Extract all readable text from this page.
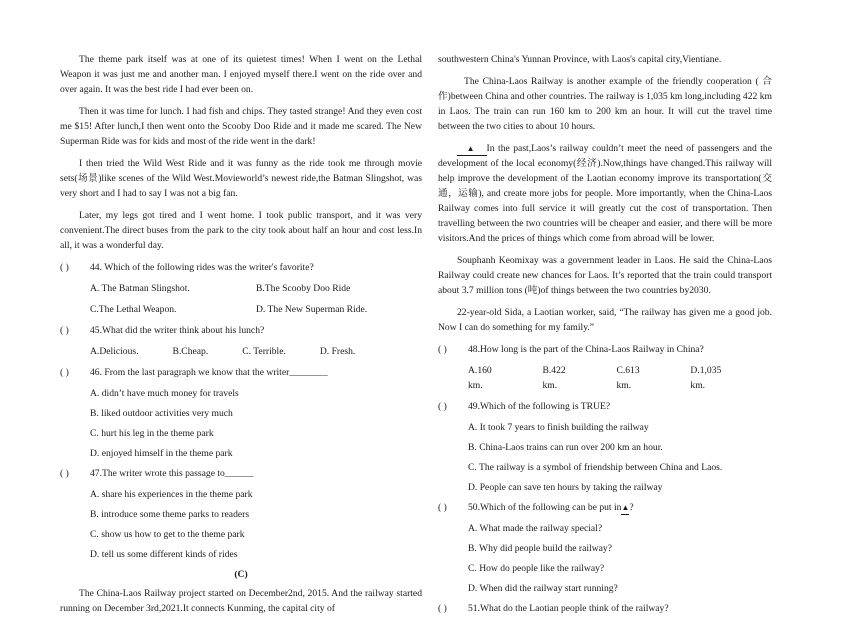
The theme park itself was at one of its quietest times! When I went on the Lethal Weapon it was just me and another man. I enjoyed myself there.I went on the ride over and over again. It was the best ride I had ever been on.

Then it was time for lunch. I had fish and chips. They tasted strange! And they even cost me $15! After lunch,I then went onto the Scooby Doo Ride and it made me scared. The New Superman Ride was for kids and most of the ride went in the dark!

I then tried the Wild West Ride and it was funny as the ride took me through movie sets(场景)like scenes of the Wild West.Movieworld’s newest ride,the Batman Slingshot, was very short and I had to say I was not a big fan.

Later, my legs got tired and I went home. I took public transport, and it was very convenient.The direct buses from the park to the city took about half an hour and cost less.In all, it was a wonderful day.

( ) 44. Which of the following rides was the writer's favorite?
A. The Batman Slingshot.	B.The Scooby Doo Ride
C.The Lethal Weapon.	D. The New Superman Ride.
( ) 45.What did the writer think about his lunch?
A.Delicious.	B.Cheap.	C. Terrible.	D. Fresh.
( ) 46. From the last paragraph we know that the writer________
A. didn’t have much money for travels
B. liked outdoor activities very much
C. hurt his leg in the theme park
D. enjoyed himself in the theme park
( ) 47.The writer wrote this passage to______
A. share his experiences in the theme park
B. introduce some theme parks to readers
C. show us how to get to the theme park
D. tell us some different kinds of rides
(C)

The China-Laos Railway project started on December2nd, 2015. And the railway started running on December 3rd,2021.It connects Kunming, the capital city of

southwestern China's Yunnan Province, with Laos's capital city,Vientiane.

The China-Laos Railway is another example of the friendly cooperation ( 合作)between China and other countries. The railway is 1,035 km long,including 422 km in Laos. The train can run 160 km to 200 km an hour. It will cut the travel time between the two cities to about 10 hours.

▲ In the past,Laos’s railway couldn’t meet the need of passengers and the development of the local economy(经济).Now,things have changed.This railway will help improve the development of the Laotian economy improve its transportation(交通，运输), and create more jobs for people. More importantly, when the China-Laos Railway comes into full service it will greatly cut the cost of transportation. Then travelling between the two countries will be cheaper and easier, and there will be more visitors.And the prices of things which come from abroad will be lower.

Souphanh Keomixay was a government leader in Laos. He said the China-Laos Railway could create new chances for Laos. It’s reported that the train could transport about 3.7 million tons (吨)of things between the two countries by2030.

22-year-old Sida, a Laotian worker, said, “The railway has given me a good job. Now I can do something for my family.”

( ) 48.How long is the part of the China-Laos Railway in China?
A.160 km.
B.422 km.
C.613 km.
D.1,035 km.
( ) 49.Which of the following is TRUE?
A. It took 7 years to finish building the railway
B. China-Laos trains can run over 200 km an hour.
C. The railway is a symbol of friendship between China and Laos.
D. People can save ten hours by taking the railway
( ) 50.Which of the following can be put in▲?
A. What made the railway special?
B. Why did people build the railway?
C. How do people like the railway?
D. When did the railway start running?
( ) 51.What do the Laotian people think of the railway?
